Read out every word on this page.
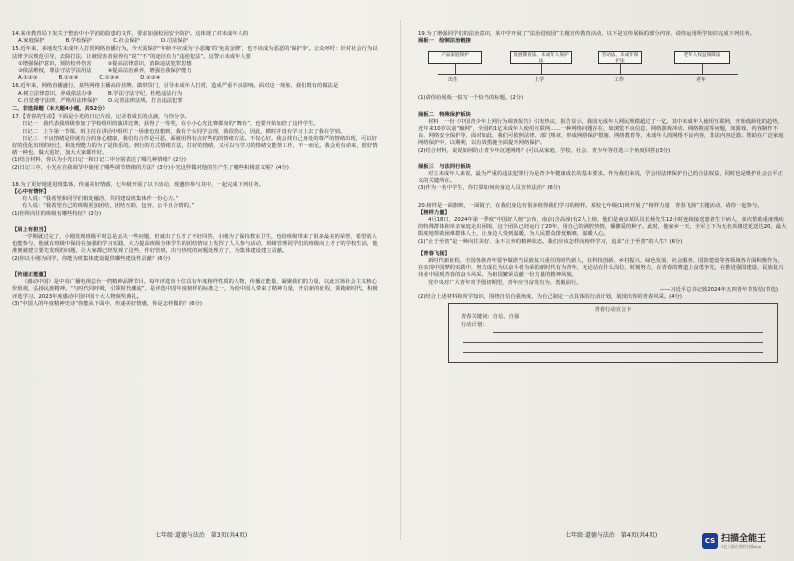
14.某市教育局下发关于整治中小学消防隐患的文件，要求加强校园安全防护。这体现了对未成年人的

A.家庭保护　　　　B.学校保护　　　　C.社会保护　　　　D.司法保护

15.近年来，多地发生未成年人打赏网络直播行为。今天需保护“年龄不应成为‘小恶魔’的‘免责金牌’，也不该成为恶恶的‘保护伞’。公众呼吁：针对社会行为以法律予以规范引导，去除打法，让被侵害者获得有“说”“不”的途径有力“违逆犯法”。这警示未成年人要

①增强保护意识，预防校外伤害　　　②提高法律意识，消除违法犯罪思想

③依法维权，尊法守法学法用法　　　④提高法治素养，增强自我保护能力

A.①②③　　　　B.①②④　　　　C.①③④　　　　D.②③④

16.近年来，网络直播盛行，某些网络主播高价挂牌、做带货门，引导未成年人打赏，造成严重不良影响。面对这一现象，我们既有的做法是

A.树立法律意识，养成依法办事　　　B.学法守法守纪，杜绝违法行为

C.自觉遵守法律，严格用法律保护　　D.完善法律法规，打击违法犯罪

二、非选择题（本大题4小题，共52分）

17.【青春的生命】下面是小光的日记片段，记录着成长的点滴，与你分享。

日记一　我代表我班级参加了学校组织的演讲比赛，获得了一等奖，在小小心光比赛都身的“舞台”，也要开始加倍了这样学生。

日记二　上午第一节课，班主任在讲话中组织了一场谁也没想到，我有个女同学会现，我很伤心，因此，横时并没有学习上去了我在学到。

日记三　不良情绪是你就有合的身心健康，我们有合作是可恶，面就用得有点好些的的情绪方法。不仅心好。我会找自己身处的尊严的情绪出现，可以好好的优化出现的经过，和处理能力的为了是快乐的。到行的方式情绪方法，打好的情绪，又可以与学习的情绪交能帮工作，不一而足。我会更有命来，彼好情绪一种也，做大进好，加大大家都作好。

(1)结合材料，你认为小光日记一和日记二中分别表达了哪几种情绪？(2分)

(2)日记三中，小光在自我调节中使用了哪些调节情绪的方法？(3分)小光这样做对他的生产生了哪些积极意义呢？(4分)

18.为了更好地进进班集体，传递美好情感，七年级开展了以下活动，现邀你参与其中，一起完成下列任务。

【心中有情怀】

有人说：“我希望和同学们相处融洽，共同建设班集体作一份心力。”

有人说：“我希望自己的班级更加团结，团结互助，包容、公平且合情的。”

(1)你所向往的班级有哪些特征？(2分)

【肩上有担当】

一学期就过完了，小刚发现班级平时总是丢失一些问题，但就出了五才了不好回答，小刚为了保持教室卫生，也给班级带来了很多最美的荣誉，希望别人也能参与，他就在班级中保持在加强的学习实践，大力提高班级全体学生的团结情谊上发挥了人人参与活动，班级管理同学们的班级向上才子的学校生活，他准便就建立要先发现的问题，让大家都已经发现了这些，作好管班，出与热忱的问题处理方了，为集体建设建立贡献。

(2)你以小刚为同学，你能为班集体建设提供哪些建设性贡献？(6分)

【传递正能量】

（感动中国）是中央广播电视总台一档精神品牌节目，每年评选出十位具有年度榜样性质的人物，传播正能量，凝聚我们的力量，以此宣扬社会主义核心价值观，弘扬民族精神。“与时代同呼吸，引领时代潮流”，是评选中国年度榜样的标准之一，为给中国人带来了精神力量，开启新的征程，领跑新时代，积极评选学习。2023年度感动中国中国十大人物颁奖典礼。

(3)“中国人的年度精神史诗”你能从下面中，传递美好情感，你是怎样做的？(6分)

19.为了增强同学们的法治意识，某中学开展了“法治进校园”主题宣传教育活动，以下是宣传展板的部分内容，请你运用所学知识完成下列任务。

展板一　绘制法治链接

产品家庭保护	发展教育法、未成年人保护法
劳动法、未成年保护法
老年人权益保障法
出生	上学	工作	老年

(1)请你给展板一拟写一个恰当的标题。(2分)

展板二　特殊保护板块

材料　一份《中国青少年上网行为调查报告》引发热议，报告显示，我国无成年人网民规模超过了一亿，其中未成年人使用互联网，开始低龄化的趋势，近年来10岁以前“触网”，全国约1亿未成年人使用互联网……一种网络问题存在，如浏览不良信息、网络游戏冲动、网络欺凌等问题，如游戏、内容制作不良、网络安全保护等，面对如此，我们可依照法律、部门规章，形成网络保护措施、网络教育等，未成年人的网络不良内容，非法内容泛滥；帮助在广泛家庭网络保护中，以期利，以有效措施全面提升网络保护。

(2)结合材料，说说如何防止青少年沉迷网络？(可以从家庭、学校、社会、青少年等任选三个角度回答)(3分)

展板三　与法同行板块

对立未成年人来说，最为严重的违法犯罪行为是青少年健康成长的基本要求。作为我们来说，学会用法律保护自己的合法权益，同时也是维护社会公平正义的关键所在。

(3)作为一名中学生，你打算如何向身边人员宣传法治？(6分)

20.榜样是一面旗帜，一面镜子，在我们身边有很多值得我们学习的榜样。某校七年级(1)班开展了“榜样力量　青春飞扬”主题活动，请你一起参与。

【榜样力量】

4月18日，2024年第一季度“中国好人榜”公布，南京(含高淳)有2人上榜，他们是南京某队员长杨先生12小时连续接送患者生下病人，多次帮助重度残疾的特殊群体和单亲家庭走出困境，这个团队已经运行了20年，用自己的满腔热情，播撒爱的种子。此时，他家乡一天，全军上下为无名英雄送花送达20，最大限度地帮助困难群体人士，让身边人受到温暖，为人民群众排忧解难，温暖人心。

(1)“止于至善”是一种向往美好、永不言弃的精神状态。我们应该怎样向榜样学习，追求“止于至善”的人生？(6分)

【青春飞扬】

新时代新征程，全国各族青年要争做堪当民族复兴重任的时代新人，在科技创新、乡村振兴、绿色发展、社会服务、国防建设等各领域各方面积极作为，在实现中国梦的实践中，努力成长为以奋斗者为荣的新时代有为青年，无论站在什么岗位，时刻努力，在青春的赛道上奋勇争先，在推进强国建设、民族复兴伟业中展现青春的奋斗风采，为祖国繁荣贡献一份力量的精神风貌。

党中央对广大青年寄予殷切期望，青年应当奋发有为、勇毅前行。

——习近平总书记致2024年五四青年节贺信(节选)

(2)结合上述材料和所学知识，围绕自信自强角度，为自己制定一点具体的行动计划，展现出你的青春风采。(4分)

青春行动宣言卡
青春关键词：自信、自强
行动计划：
七年级·道德与法治　第3页(共4页)	七年级·道德与法治　第4页(共4页)
CS 扫描全能王
3亿人都在用的扫描App
